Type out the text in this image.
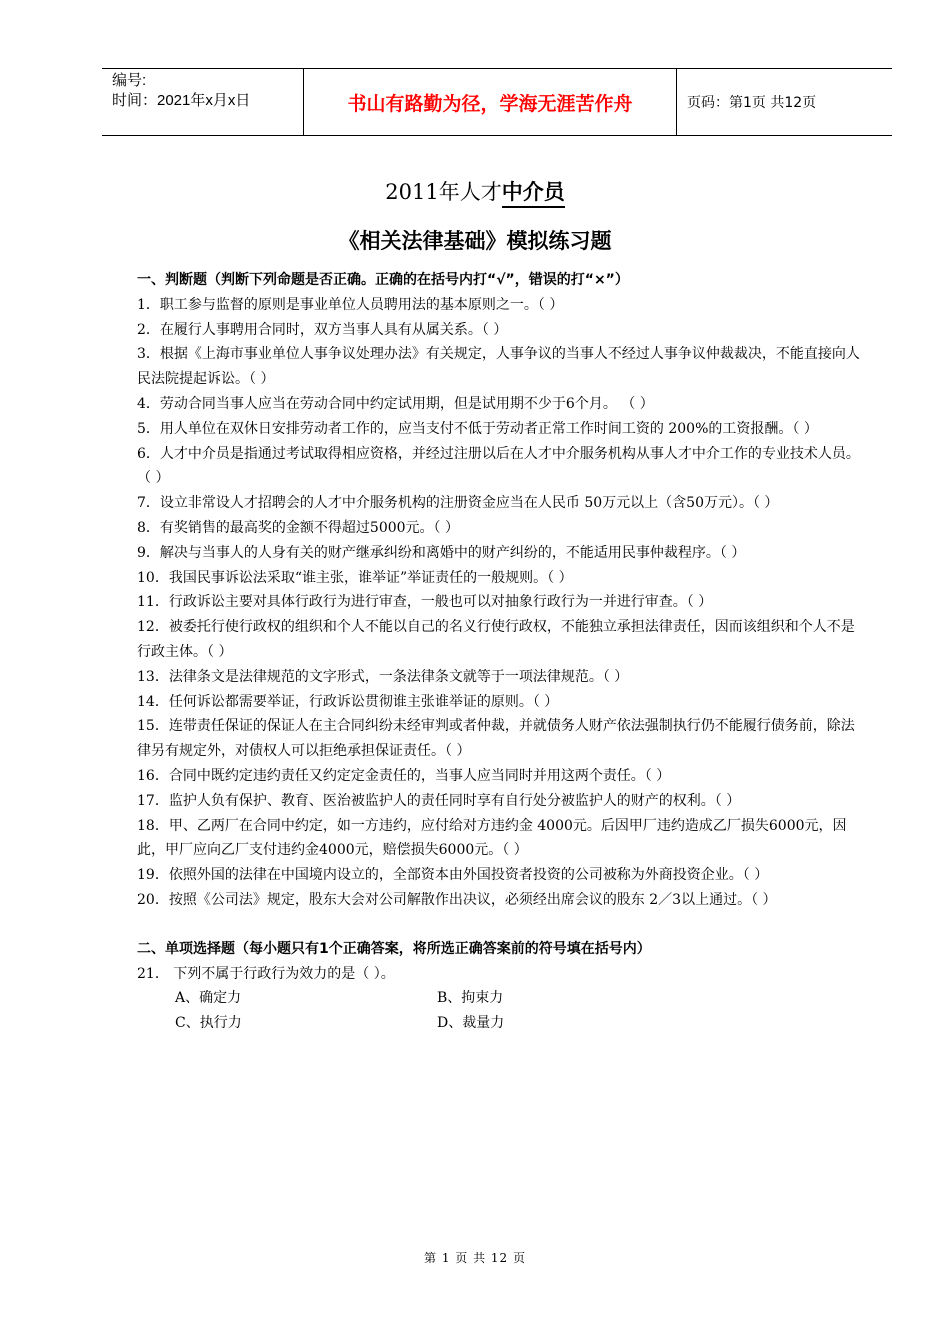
编号:
时间：2021年x月x日	书山有路勤为径，学海无涯苦作舟	页码：第1页 共12页
2011年人才中介员
《相关法律基础》模拟练习题

一、判断题（判断下列命题是否正确。正确的在括号内打“√”，错误的打“×”）

1．职工参与监督的原则是事业单位人员聘用法的基本原则之一。（ ）

2．在履行人事聘用合同时，双方当事人具有从属关系。（ ）

3．根据《上海市事业单位人事争议处理办法》有关规定，人事争议的当事人不经过人事争议仲裁裁决，不能直接向人民法院提起诉讼。（ ）

4．劳动合同当事人应当在劳动合同中约定试用期，但是试用期不少于6个月。 （ ）

5．用人单位在双休日安排劳动者工作的，应当支付不低于劳动者正常工作时间工资的 200%的工资报酬。（ ）

6．人才中介员是指通过考试取得相应资格，并经过注册以后在人才中介服务机构从事人才中介工作的专业技术人员。（ ）

7．设立非常设人才招聘会的人才中介服务机构的注册资金应当在人民币 50万元以上（含50万元）。（ ）

8．有奖销售的最高奖的金额不得超过5000元。（ ）

9．解决与当事人的人身有关的财产继承纠纷和离婚中的财产纠纷的，不能适用民事仲裁程序。（ ）

10．我国民事诉讼法采取“谁主张，谁举证”举证责任的一般规则。（ ）

11．行政诉讼主要对具体行政行为进行审查，一般也可以对抽象行政行为一并进行审查。（ ）

12．被委托行使行政权的组织和个人不能以自己的名义行使行政权，不能独立承担法律责任，因而该组织和个人不是行政主体。（ ）

13．法律条文是法律规范的文字形式，一条法律条文就等于一项法律规范。（ ）

14．任何诉讼都需要举证，行政诉讼贯彻谁主张谁举证的原则。（ ）

15．连带责任保证的保证人在主合同纠纷未经审判或者仲裁，并就债务人财产依法强制执行仍不能履行债务前，除法律另有规定外，对债权人可以拒绝承担保证责任。（ ）

16．合同中既约定违约责任又约定定金责任的，当事人应当同时并用这两个责任。（ ）

17．监护人负有保护、教育、医治被监护人的责任同时享有自行处分被监护人的财产的权利。（ ）

18．甲、乙两厂在合同中约定，如一方违约，应付给对方违约金 4000元。后因甲厂违约造成乙厂损失6000元，因此，甲厂应向乙厂支付违约金4000元，赔偿损失6000元。（ ）

19．依照外国的法律在中国境内设立的，全部资本由外国投资者投资的公司被称为外商投资企业。（ ）

20．按照《公司法》规定，股东大会对公司解散作出决议，必须经出席会议的股东 2／3以上通过。（ ）

二、单项选择题（每小题只有1个正确答案，将所选正确答案前的符号填在括号内）

21． 下列不属于行政行为效力的是（ ）。

A、确定力	B、拘束力
C、执行力	D、裁量力
第 1 页 共 12 页
